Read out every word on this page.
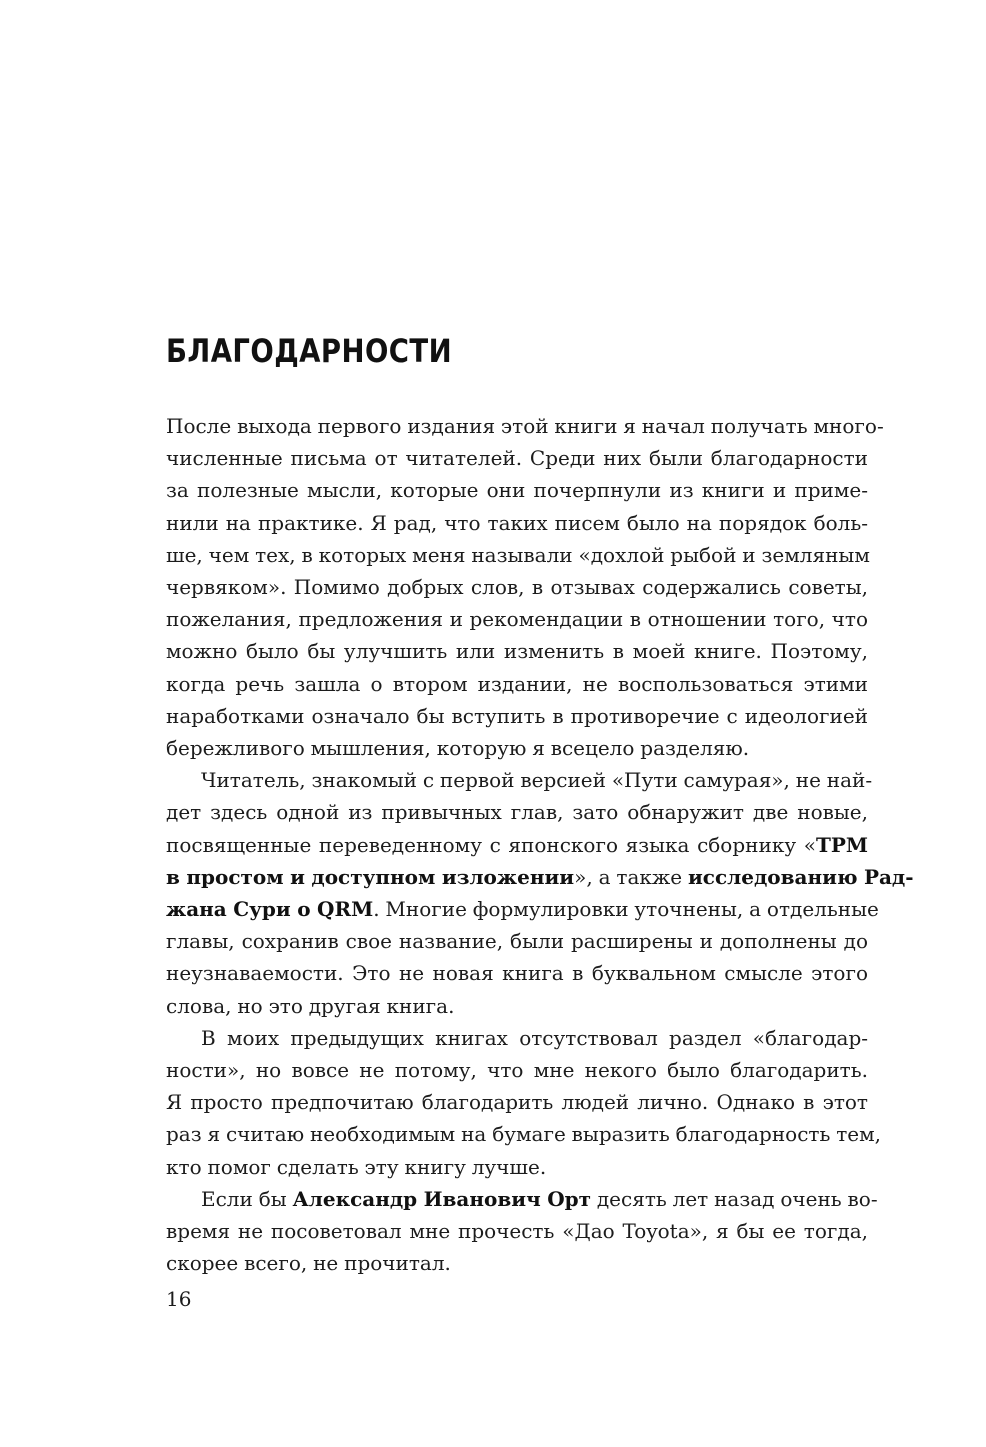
БЛАГОДАРНОСТИ

После выхода первого издания этой книги я начал получать много-
численные письма от читателей. Среди них были благодарности
за полезные мысли, которые они почерпнули из книги и приме-
нили на практике. Я рад, что таких писем было на порядок боль-
ше, чем тех, в которых меня называли «дохлой рыбой и земляным
червяком». Помимо добрых слов, в отзывах содержались советы,
пожелания, предложения и рекомендации в отношении того, что
можно было бы улучшить или изменить в моей книге. Поэтому,
когда речь зашла о втором издании, не воспользоваться этими
наработками означало бы вступить в противоречие с идеологией
бережливого мышления, которую я всецело разделяю.

Читатель, знакомый с первой версией «Пути самурая», не най-
дет здесь одной из привычных глав, зато обнаружит две новые,
посвященные переведенному с японского языка сборнику «TPM
в простом и доступном изложении», а также исследованию Рад-
жана Сури о QRM. Многие формулировки уточнены, а отдельные
главы, сохранив свое название, были расширены и дополнены до
неузнаваемости. Это не новая книга в буквальном смысле этого
слова, но это другая книга.

В моих предыдущих книгах отсутствовал раздел «благодар-
ности», но вовсе не потому, что мне некого было благодарить.
Я просто предпочитаю благодарить людей лично. Однако в этот
раз я считаю необходимым на бумаге выразить благодарность тем,
кто помог сделать эту книгу лучше.

Если бы Александр Иванович Орт десять лет назад очень во-
время не посоветовал мне прочесть «Дао Toyota», я бы ее тогда,
скорее всего, не прочитал.

16
